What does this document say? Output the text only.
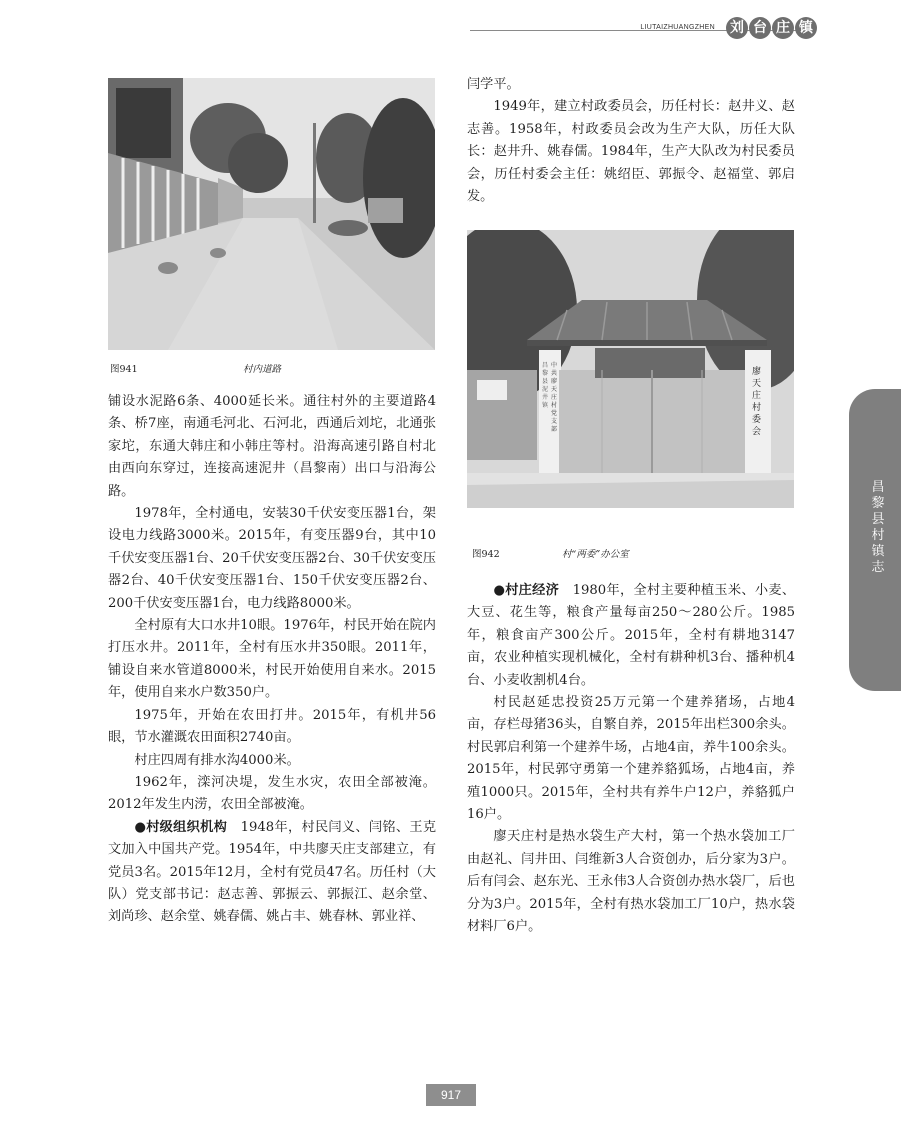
LIUTAIZHUANGZHEN 刘 台 庄 镇
图941	村内道路

铺设水泥路6条、4000延长米。通往村外的主要道路4条、桥7座，南通毛河北、石河北，西通后刘坨，北通张家坨，东通大韩庄和小韩庄等村。沿海高速引路自村北由西向东穿过，连接高速泥井（昌黎南）出口与沿海公路。

1978年，全村通电，安装30千伏安变压器1台，架设电力线路3000米。2015年，有变压器9台，其中10千伏安变压器1台、20千伏安变压器2台、30千伏安变压器2台、40千伏安变压器1台、150千伏安变压器2台、200千伏安变压器1台，电力线路8000米。

全村原有大口水井10眼。1976年，村民开始在院内打压水井。2011年，全村有压水井350眼。2011年，铺设自来水管道8000米，村民开始使用自来水。2015年，使用自来水户数350户。

1975年，开始在农田打井。2015年，有机井56眼，节水灌溉农田面积2740亩。

村庄四周有排水沟4000米。

1962年，滦河决堤，发生水灾，农田全部被淹。2012年发生内涝，农田全部被淹。

●村级组织机构　 1948年，村民闫义、闫铭、王克文加入中国共产党。1954年，中共廖天庄支部建立，有党员3名。2015年12月，全村有党员47名。历任村（大队）党支部书记：赵志善、郭振云、郭振江、赵余堂、刘尚珍、赵余堂、姚春儒、姚占丰、姚春林、郭业祥、

闫学平。

1949年，建立村政委员会，历任村长：赵井义、赵志善。1958年，村政委员会改为生产大队，历任大队长：赵井升、姚春儒。1984年，生产大队改为村民委员会，历任村委会主任：姚绍臣、郭振令、赵福堂、郭启发。

昌黎县泥井镇
中共廖天庄村党支部
廖天庄村委会
图942	村“两委”办公室

●村庄经济　 1980年，全村主要种植玉米、小麦、大豆、花生等，粮食产量每亩250～280公斤。1985年，粮食亩产300公斤。2015年，全村有耕地3147亩，农业种植实现机械化，全村有耕种机3台、播种机4台、小麦收割机4台。

村民赵延忠投资25万元第一个建养猪场，占地4亩，存栏母猪36头，自繁自养，2015年出栏300余头。村民郭启利第一个建养牛场，占地4亩，养牛100余头。2015年，村民郭守勇第一个建养貉狐场，占地4亩，养殖1000只。2015年，全村共有养牛户12户，养貉狐户16户。

廖天庄村是热水袋生产大村，第一个热水袋加工厂由赵礼、闫井田、闫维新3人合资创办，后分家为3户。后有闫会、赵东光、王永伟3人合资创办热水袋厂，后也分为3户。2015年，全村有热水袋加工厂10户，热水袋材料厂6户。

昌黎县村镇志
917
